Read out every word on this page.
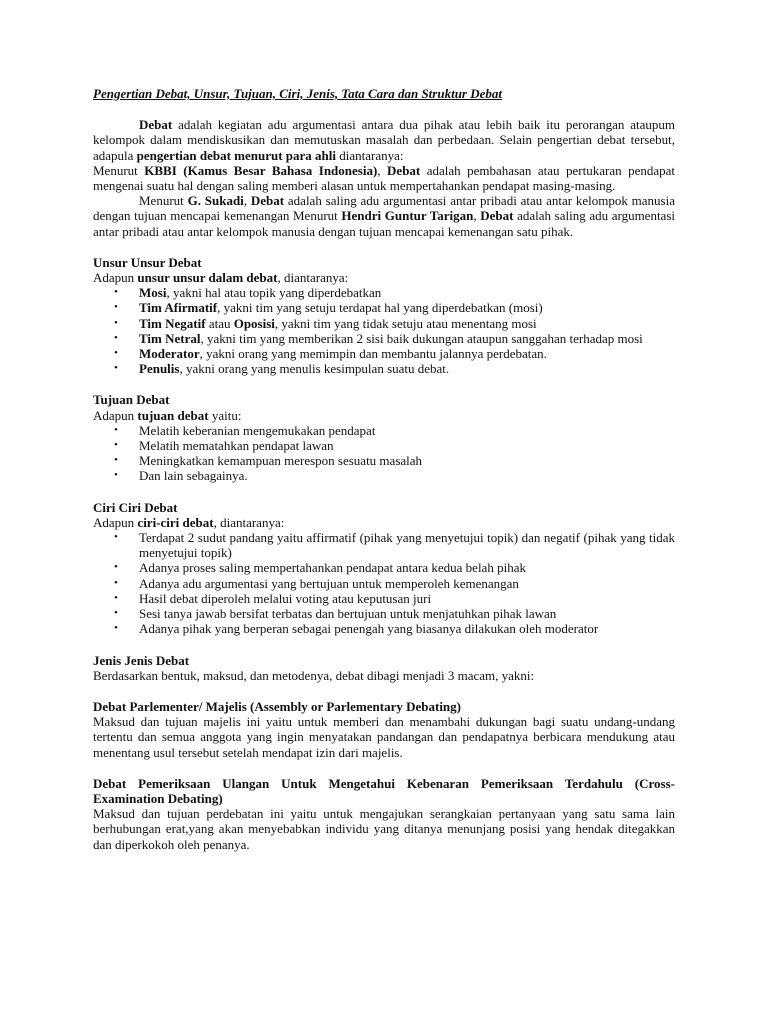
Pengertian Debat, Unsur, Tujuan, Ciri, Jenis, Tata Cara dan Struktur Debat

Debat adalah kegiatan adu argumentasi antara dua pihak atau lebih baik itu perorangan ataupum kelompok dalam mendiskusikan dan memutuskan masalah dan perbedaan. Selain pengertian debat tersebut, adapula pengertian debat menurut para ahli diantaranya:

Menurut KBBI (Kamus Besar Bahasa Indonesia), Debat adalah pembahasan atau pertukaran pendapat mengenai suatu hal dengan saling memberi alasan untuk mempertahankan pendapat masing-masing.

Menurut G. Sukadi, Debat adalah saling adu argumentasi antar pribadi atau antar kelompok manusia dengan tujuan mencapai kemenangan Menurut Hendri Guntur Tarigan, Debat adalah saling adu argumentasi antar pribadi atau antar kelompok manusia dengan tujuan mencapai kemenangan satu pihak.

Unsur Unsur Debat

Adapun unsur unsur dalam debat, diantaranya:

• Mosi, yakni hal atau topik yang diperdebatkan
• Tim Afirmatif, yakni tim yang setuju terdapat hal yang diperdebatkan (mosi)
• Tim Negatif atau Oposisi, yakni tim yang tidak setuju atau menentang mosi
• Tim Netral, yakni tim yang memberikan 2 sisi baik dukungan ataupun sanggahan terhadap mosi
• Moderator, yakni orang yang memimpin dan membantu jalannya perdebatan.
• Penulis, yakni orang yang menulis kesimpulan suatu debat.

Tujuan Debat

Adapun tujuan debat yaitu:

• Melatih keberanian mengemukakan pendapat
• Melatih mematahkan pendapat lawan
• Meningkatkan kemampuan merespon sesuatu masalah
• Dan lain sebagainya.

Ciri Ciri Debat

Adapun ciri-ciri debat, diantaranya:

• Terdapat 2 sudut pandang yaitu affirmatif (pihak yang menyetujui topik) dan negatif (pihak yang tidak menyetujui topik)
• Adanya proses saling mempertahankan pendapat antara kedua belah pihak
• Adanya adu argumentasi yang bertujuan untuk memperoleh kemenangan
• Hasil debat diperoleh melalui voting atau keputusan juri
• Sesi tanya jawab bersifat terbatas dan bertujuan untuk menjatuhkan pihak lawan
• Adanya pihak yang berperan sebagai penengah yang biasanya dilakukan oleh moderator

Jenis Jenis Debat

Berdasarkan bentuk, maksud, dan metodenya, debat dibagi menjadi 3 macam, yakni:

Debat Parlementer/ Majelis (Assembly or Parlementary Debating)

Maksud dan tujuan majelis ini yaitu untuk memberi dan menambahi dukungan bagi suatu undang-undang tertentu dan semua anggota yang ingin menyatakan pandangan dan pendapatnya berbicara mendukung atau menentang usul tersebut setelah mendapat izin dari majelis.

Debat Pemeriksaan Ulangan Untuk Mengetahui Kebenaran Pemeriksaan Terdahulu (Cross-Examination Debating)

Maksud dan tujuan perdebatan ini yaitu untuk mengajukan serangkaian pertanyaan yang satu sama lain berhubungan erat,yang akan menyebabkan individu yang ditanya menunjang posisi yang hendak ditegakkan dan diperkokoh oleh penanya.
